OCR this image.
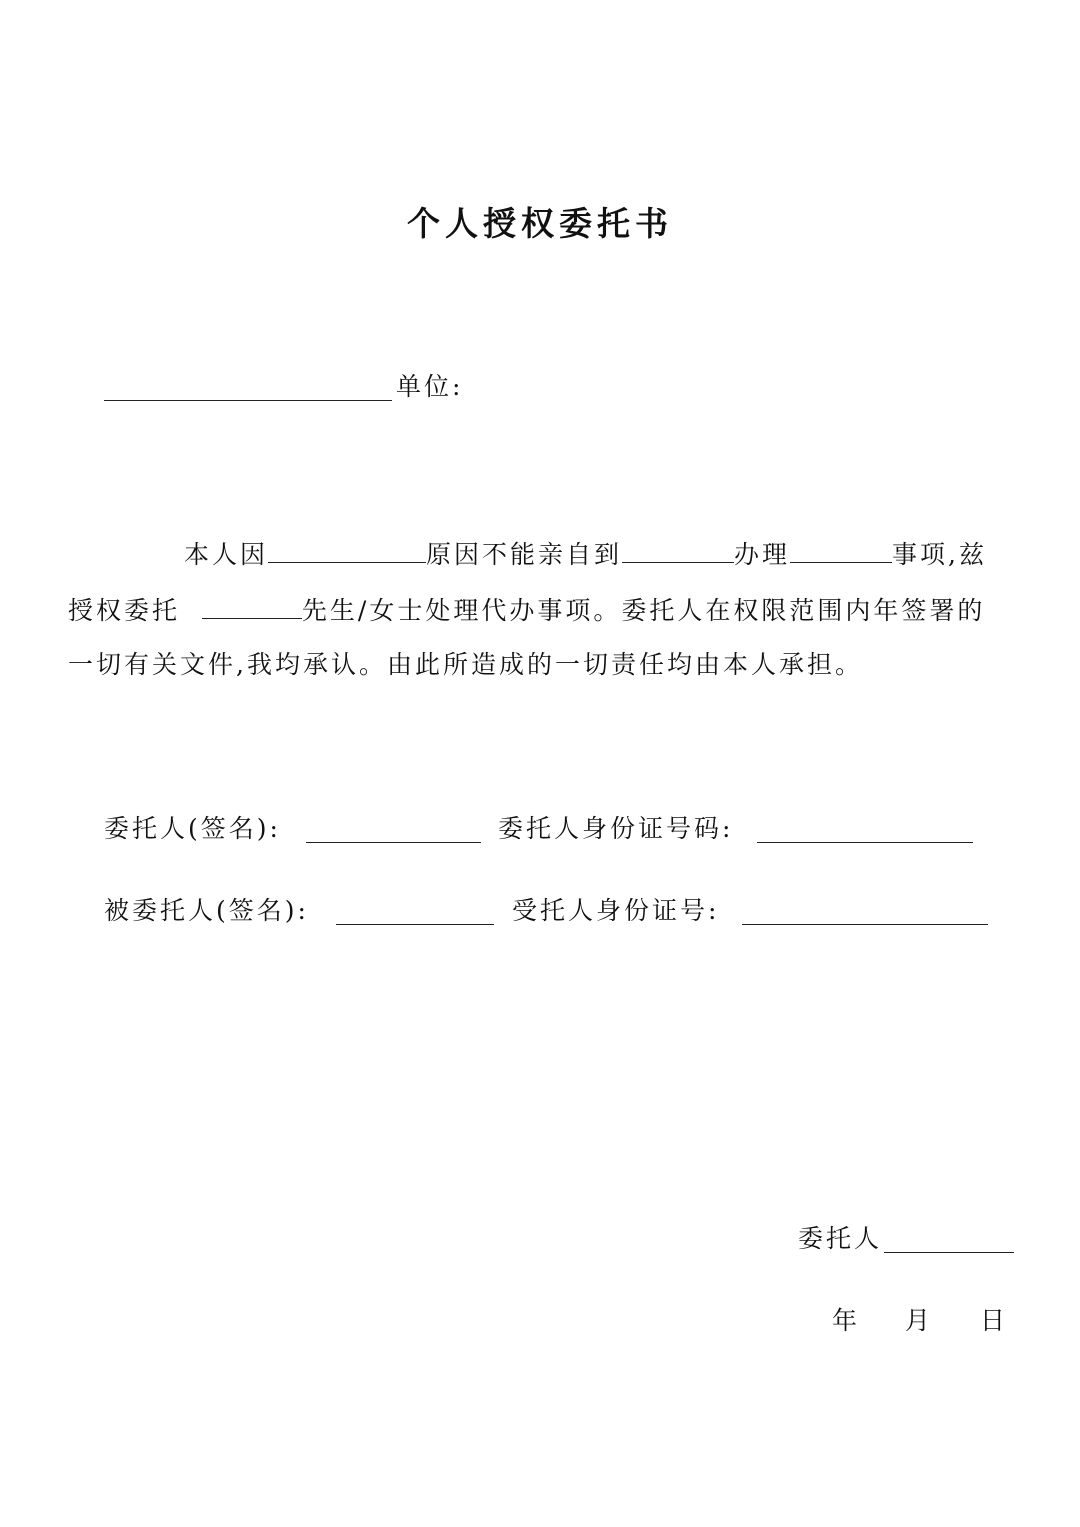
个人授权委托书
单位:
本人因	原因不能亲自到	办理	事项,兹
授权委托	先生/女士处理代办事项。委托人在权限范围内年签署的
一切有关文件,我均承认。由此所造成的一切责任均由本人承担。
委托人(签名):	委托人身份证号码:
被委托人(签名):	受托人身份证号:
委托人
年 月 日
